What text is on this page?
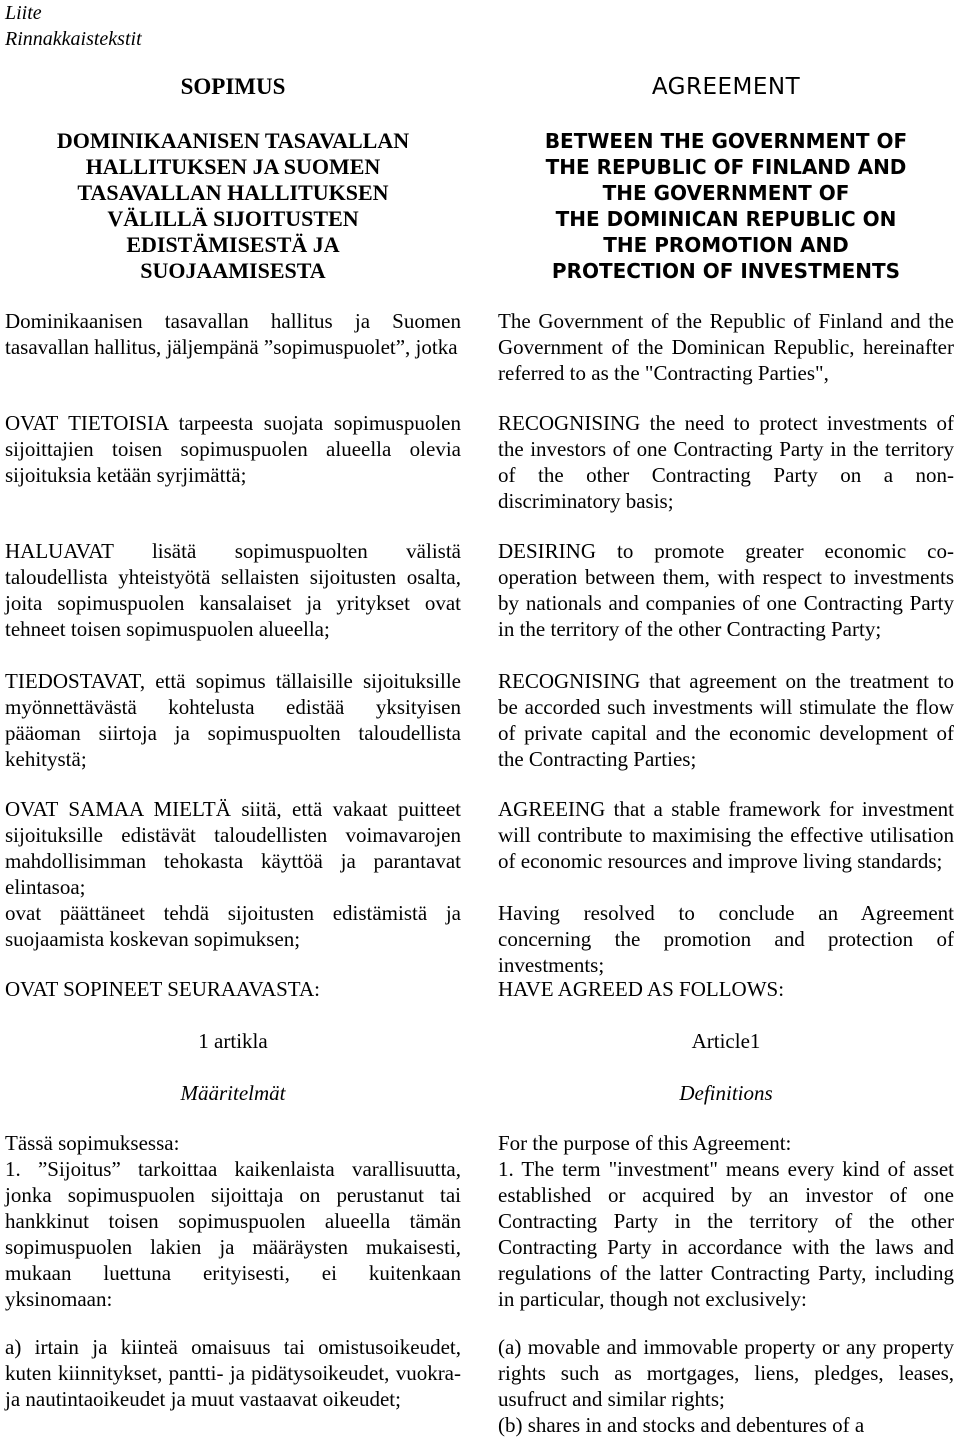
Liite
Rinnakkaistekstit
SOPIMUS
DOMINIKAANISEN TASAVALLAN
HALLITUKSEN JA SUOMEN
TASAVALLAN HALLITUKSEN
VÄLILLÄ SIJOITUSTEN
EDISTÄMISESTÄ JA
SUOJAAMISESTA
Dominikaanisen tasavallan hallitus ja Suomen tasavallan hallitus, jäljempänä ”sopimuspuolet”, jotka
OVAT TIETOISIA tarpeesta suojata sopimuspuolen sijoittajien toisen sopimuspuolen alueella olevia sijoituksia ketään syrjimättä;
HALUAVAT lisätä sopimuspuolten välistä taloudellista yhteistyötä sellaisten sijoitusten osalta, joita sopimuspuolen kansalaiset ja yritykset ovat tehneet toisen sopimuspuolen alueella;
TIEDOSTAVAT, että sopimus tällaisille sijoituksille myönnettävästä kohtelusta edistää yksityisen pääoman siirtoja ja sopimuspuolten taloudellista kehitystä;
OVAT SAMAA MIELTÄ siitä, että vakaat puitteet sijoituksille edistävät taloudellisten voimavarojen mahdollisimman tehokasta käyttöä ja parantavat elintasoa;
ovat päättäneet tehdä sijoitusten edistämistä ja suojaamista koskevan sopimuksen;
OVAT SOPINEET SEURAAVASTA:
1 artikla
Määritelmät
Tässä sopimuksessa:
1. ”Sijoitus” tarkoittaa kaikenlaista varallisuutta, jonka sopimuspuolen sijoittaja on perustanut tai hankkinut toisen sopimuspuolen alueella tämän sopimuspuolen lakien ja määräysten mukaisesti, mukaan luettuna erityisesti, ei kuitenkaan yksinomaan:
a) irtain ja kiinteä omaisuus tai omistusoikeudet, kuten kiinnitykset, pantti- ja pidätysoikeudet, vuokra- ja nautintaoikeudet ja muut vastaavat oikeudet;
AGREEMENT
BETWEEN THE GOVERNMENT OF
THE REPUBLIC OF FINLAND AND
THE GOVERNMENT OF
THE DOMINICAN REPUBLIC ON
THE PROMOTION AND
PROTECTION OF INVESTMENTS
The Government of the Republic of Finland and the Government of the Dominican Republic, hereinafter referred to as the "Contracting Parties",
RECOGNISING the need to protect investments of the investors of one Contracting Party in the territory of the other Contracting Party on a non-discriminatory basis;
DESIRING to promote greater economic co-operation between them, with respect to investments by nationals and companies of one Contracting Party in the territory of the other Contracting Party;
RECOGNISING that agreement on the treatment to be accorded such investments will stimulate the flow of private capital and the economic development of the Contracting Parties;
AGREEING that a stable framework for investment will contribute to maximising the effective utilisation of economic resources and improve living standards;
Having resolved to conclude an Agreement concerning the promotion and protection of investments;
HAVE AGREED AS FOLLOWS:
Article1
Definitions
For the purpose of this Agreement:
1. The term "investment" means every kind of asset established or acquired by an investor of one Contracting Party in the territory of the other Contracting Party in accordance with the laws and regulations of the latter Contracting Party, including in particular, though not exclusively:
(a) movable and immovable property or any property rights such as mortgages, liens, pledges, leases, usufruct and similar rights;
(b) shares in and stocks and debentures of a
